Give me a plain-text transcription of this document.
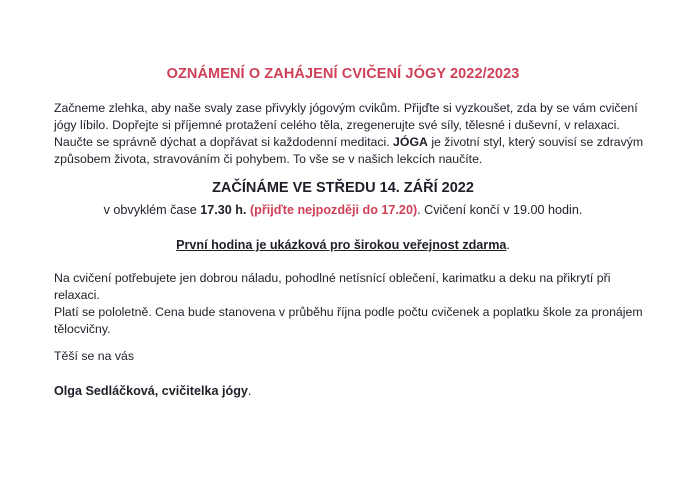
OZNÁMENÍ O ZAHÁJENÍ CVIČENÍ JÓGY 2022/2023
Začneme zlehka, aby naše svaly zase přivykly jógovým cvikům. Přijďte si vyzkoušet, zda by se vám cvičení jógy líbilo. Dopřejte si příjemné protažení celého těla, zregenerujte své síly, tělesné i duševní, v relaxaci. Naučte se správně dýchat a dopřávat si každodenní meditaci. JÓGA je životní styl, který souvisí se zdravým způsobem života, stravováním či pohybem. To vše se v našich lekcích naučíte.
ZAČÍNÁME VE STŘEDU 14. ZÁŘÍ 2022
v obvyklém čase 17.30 h. (přijďte nejpozději do 17.20). Cvičení končí v 19.00 hodin.
První hodina je ukázková pro širokou veřejnost zdarma.
Na cvičení potřebujete jen dobrou náladu, pohodlné netísnící oblečení, karimatku a deku na přikrytí při relaxaci.
Platí se pololetně. Cena bude stanovena v průběhu října podle počtu cvičenek a poplatku škole za pronájem tělocvičny.
Těší se na vás
Olga Sedláčková, cvičitelka jógy.
